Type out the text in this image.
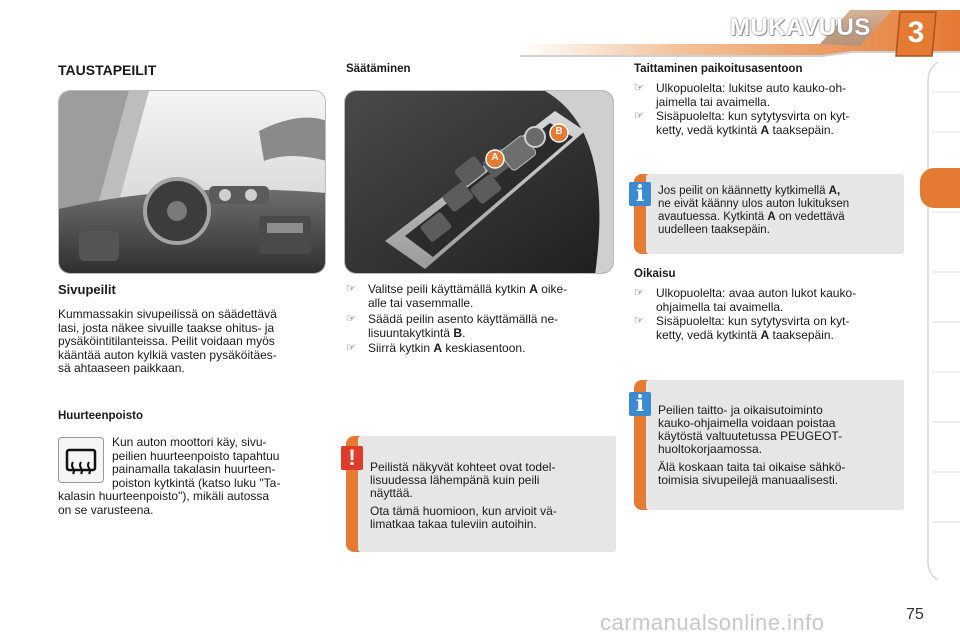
MUKAVUUS	3
TAUSTAPEILIT
Sivupeilit
Kummassakin sivupeilissä on säädettävä
lasi, josta näkee sivuille taakse ohitus- ja
pysäköintitilanteissa. Peilit voidaan myös
kääntää auton kylkiä vasten pysäköitäes-
sä ahtaaseen paikkaan.
Huurteenpoisto
Kun auton moottori käy, sivu-
peilien huurteenpoisto tapahtuu
painamalla takalasin huurteen-
poiston kytkintä (katso luku "Ta-
kalasin huurteenpoisto"), mikäli autossa
on se varusteena.
Säätäminen
A
B
☞ Valitse peili käyttämällä kytkin A oike-
alle tai vasemmalle.
☞ Säädä peilin asento käyttämällä ne-
lisuuntakytkintä B.
☞ Siirrä kytkin A keskiasentoon.
!	Peilistä näkyvät kohteet ovat todel-
lisuudessa lähempänä kuin peili
näyttää.
Ota tämä huomioon, kun arvioit vä-
limatkaa takaa tuleviin autoihin.
Taittaminen paikoitusasentoon
☞ Ulkopuolelta: lukitse auto kauko-oh-
jaimella tai avaimella.
☞ Sisäpuolelta: kun sytytysvirta on kyt-
ketty, vedä kytkintä A taaksepäin.
i	Jos peilit on käännetty kytkimellä A,
ne eivät käänny ulos auton lukituksen
avautuessa. Kytkintä A on vedettävä
uudelleen taaksepäin.
Oikaisu
☞ Ulkopuolelta: avaa auton lukot kauko-
ohjaimella tai avaimella.
☞ Sisäpuolelta: kun sytytysvirta on kyt-
ketty, vedä kytkintä A taaksepäin.
i	Peilien taitto- ja oikaisutoiminto
kauko-ohjaimella voidaan poistaa
käytöstä valtuutetussa PEUGEOT-
huoltokorjaamossa.
Älä koskaan taita tai oikaise sähkö-
toimisia sivupeilejä manuaalisesti.
carmanualsonline.info	75
